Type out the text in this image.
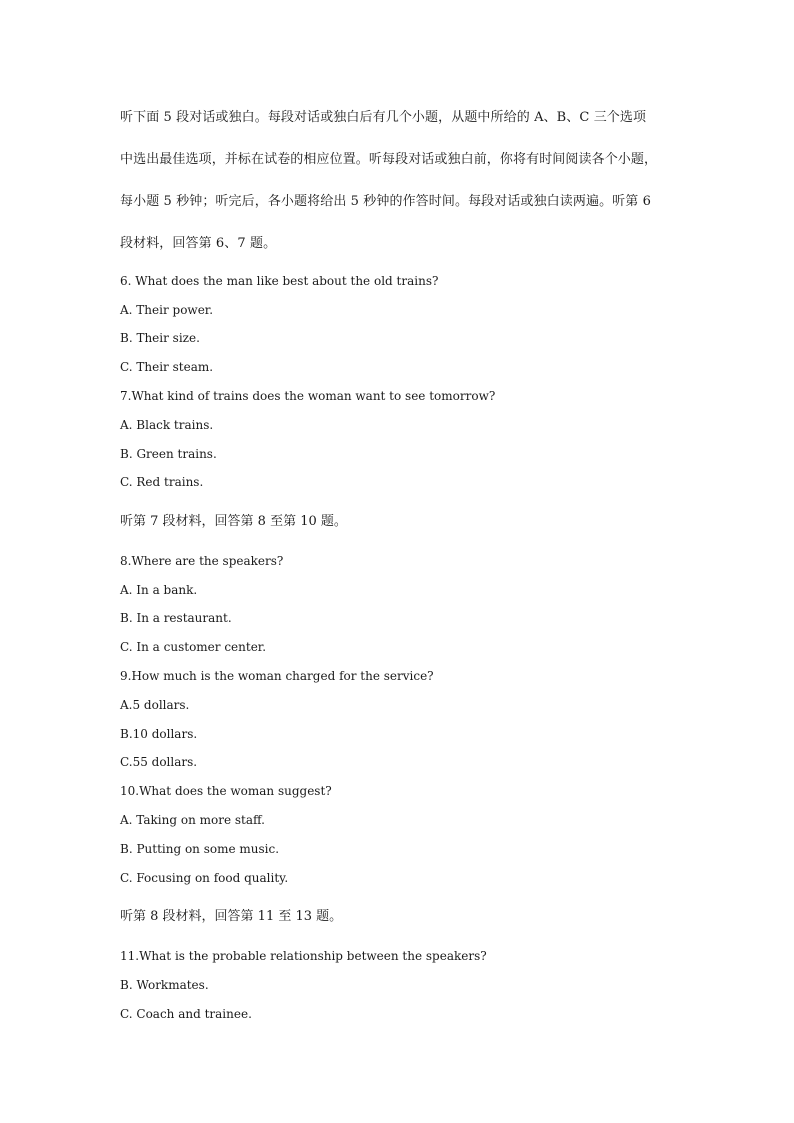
听下面 5 段对话或独白。每段对话或独白后有几个小题，从题中所给的 A、B、C 三个选项
中选出最佳选项，并标在试卷的相应位置。听每段对话或独白前，你将有时间阅读各个小题，
每小题 5 秒钟；听完后，各小题将给出 5 秒钟的作答时间。每段对话或独白读两遍。听第 6
段材料，回答第 6、7 题。
6. What does the man like best about the old trains?
A. Their power.
B. Their size.
C. Their steam.
7.What kind of trains does the woman want to see tomorrow?
A. Black trains.
B. Green trains.
C. Red trains.
听第 7 段材料，回答第 8 至第 10 题。
8.Where are the speakers?
A. In a bank.
B. In a restaurant.
C. In a customer center.
9.How much is the woman charged for the service?
A.5 dollars.
B.10 dollars.
C.55 dollars.
10.What does the woman suggest?
A. Taking on more staff.
B. Putting on some music.
C. Focusing on food quality.
听第 8 段材料，回答第 11 至 13 题。
11.What is the probable relationship between the speakers?
B. Workmates.
C. Coach and trainee.
